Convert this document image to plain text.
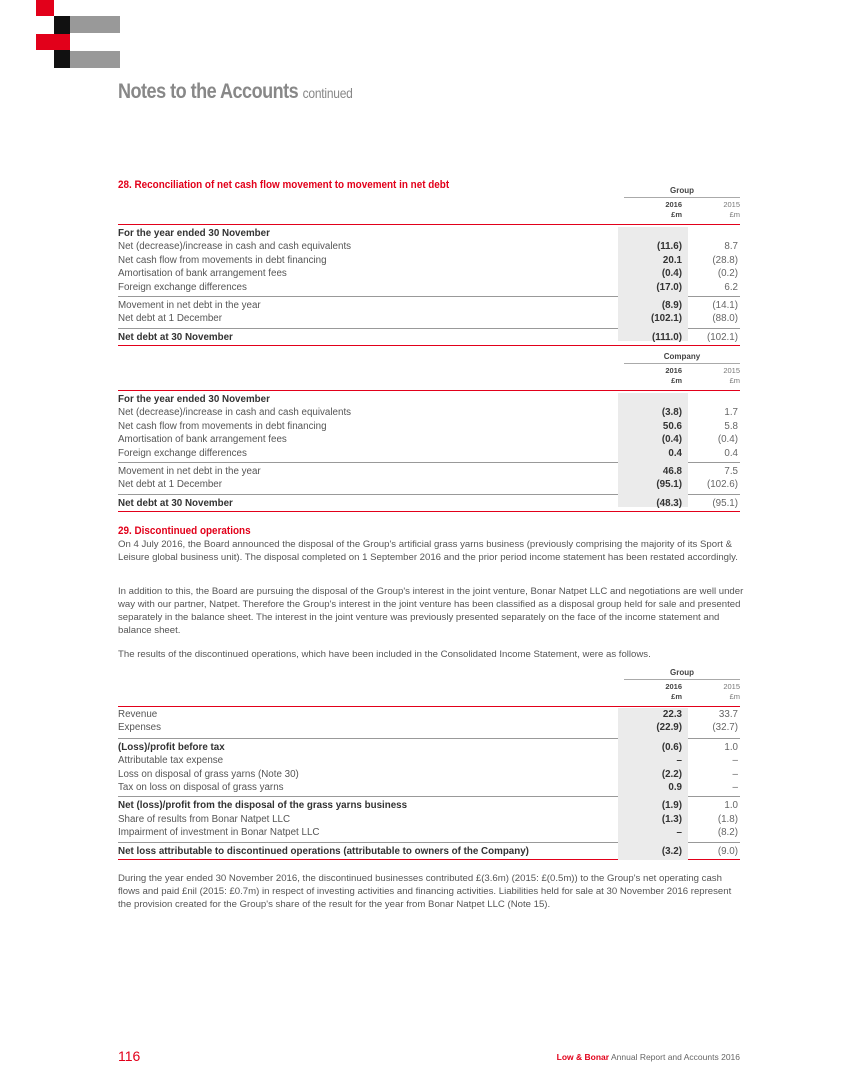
Notes to the Accounts continued
28. Reconciliation of net cash flow movement to movement in net debt	Group
2016
£m
2015
£m
For the year ended 30 November
Net (decrease)/increase in cash and cash equivalents	(11.6)	8.7
Net cash flow from movements in debt financing	20.1	(28.8)
Amortisation of bank arrangement fees	(0.4)	(0.2)
Foreign exchange differences	(17.0)	6.2
Movement in net debt in the year	(8.9)	(14.1)
Net debt at 1 December	(102.1)	(88.0)
Net debt at 30 November	(111.0)	(102.1)
Company
2016
£m
2015
£m
For the year ended 30 November
Net (decrease)/increase in cash and cash equivalents	(3.8)	1.7
Net cash flow from movements in debt financing	50.6	5.8
Amortisation of bank arrangement fees	(0.4)	(0.4)
Foreign exchange differences	0.4	0.4
Movement in net debt in the year	46.8	7.5
Net debt at 1 December	(95.1)	(102.6)
Net debt at 30 November	(48.3)	(95.1)
29. Discontinued operations
On 4 July 2016, the Board announced the disposal of the Group's artificial grass yarns business (previously comprising the majority of its Sport & Leisure global business unit). The disposal completed on 1 September 2016 and the prior period income statement has been restated accordingly.
In addition to this, the Board are pursuing the disposal of the Group's interest in the joint venture, Bonar Natpet LLC and negotiations are well under way with our partner, Natpet. Therefore the Group's interest in the joint venture has been classified as a disposal group held for sale and presented separately in the balance sheet. The interest in the joint venture was previously presented separately on the face of the income statement and balance sheet.
The results of the discontinued operations, which have been included in the Consolidated Income Statement, were as follows.
Group
2016
£m
2015
£m
Revenue	22.3	33.7
Expenses	(22.9)	(32.7)
(Loss)/profit before tax	(0.6)	1.0
Attributable tax expense	–	–
Loss on disposal of grass yarns (Note 30)	(2.2)	–
Tax on loss on disposal of grass yarns	0.9	–
Net (loss)/profit from the disposal of the grass yarns business	(1.9)	1.0
Share of results from Bonar Natpet LLC	(1.3)	(1.8)
Impairment of investment in Bonar Natpet LLC	–	(8.2)
Net loss attributable to discontinued operations (attributable to owners of the Company)	(3.2)	(9.0)
During the year ended 30 November 2016, the discontinued businesses contributed £(3.6m) (2015: £(0.5m)) to the Group's net operating cash flows and paid £nil (2015: £0.7m) in respect of investing activities and financing activities. Liabilities held for sale at 30 November 2016 represent the provision created for the Group's share of the result for the year from Bonar Natpet LLC (Note 15).
116	Low & Bonar Annual Report and Accounts 2016
